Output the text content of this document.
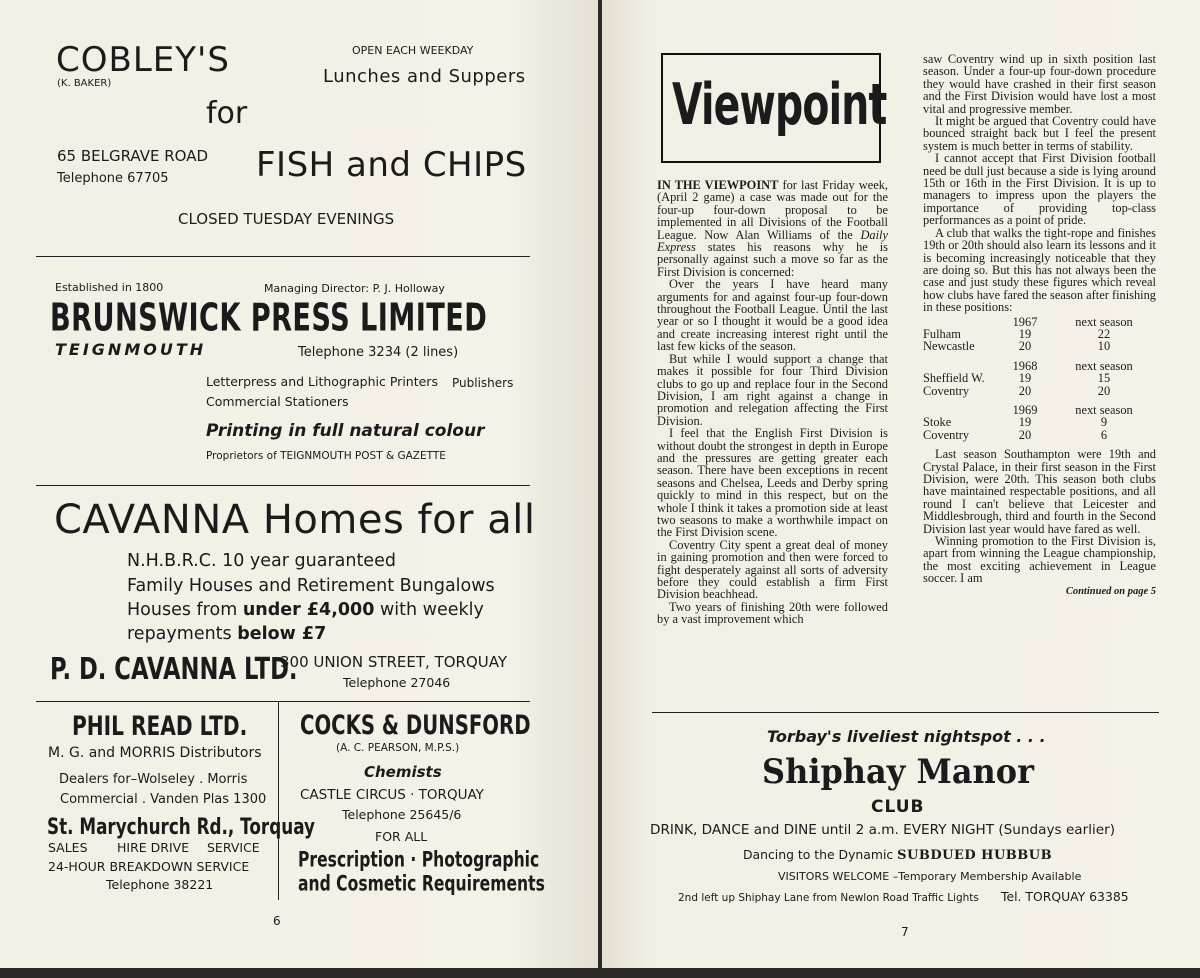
COBLEY'S
(K. BAKER)
OPEN EACH WEEKDAY
Lunches and Suppers
for
65 BELGRAVE ROAD
Telephone 67705	FISH and CHIPS
CLOSED TUESDAY EVENINGS
Established in 1800	Managing Director: P. J. Holloway
BRUNSWICK PRESS LIMITED
TEIGNMOUTH	Telephone 3234 (2 lines)
Letterpress and Lithographic Printers Publishers
Commercial Stationers
Printing in full natural colour
Proprietors of TEIGNMOUTH POST & GAZETTE
CAVANNA Homes for all
N.H.B.R.C. 10 year guaranteed
Family Houses and Retirement Bungalows
Houses from under £4,000 with weekly
repayments below £7
P. D. CAVANNA LTD.
300 UNION STREET, TORQUAY
Telephone 27046
PHIL READ LTD.
M. G. and MORRIS Distributors
Dealers for–Wolseley . Morris
Commercial . Vanden Plas 1300
St. Marychurch Rd., Torquay
SALES HIRE DRIVE SERVICE
24-HOUR BREAKDOWN SERVICE
Telephone 38221
COCKS & DUNSFORD
(A. C. PEARSON, M.P.S.)
Chemists
CASTLE CIRCUS · TORQUAY
Telephone 25645/6
FOR ALL
Prescription · Photographic
and Cosmetic Requirements
6
Viewpoint

IN THE VIEWPOINT for last Friday week, (April 2 game) a case was made out for the four-up four-down proposal to be implemented in all Divisions of the Football League. Now Alan Williams of the Daily Express states his reasons why he is personally against such a move so far as the First Division is concerned:

Over the years I have heard many arguments for and against four-up four-down throughout the Football League. Until the last year or so I thought it would be a good idea and create increasing interest right until the last few kicks of the season.

But while I would support a change that makes it possible for four Third Division clubs to go up and replace four in the Second Division, I am right against a change in promotion and relegation affecting the First Division.

I feel that the English First Division is without doubt the strongest in depth in Europe and the pressures are getting greater each season. There have been exceptions in recent seasons and Chelsea, Leeds and Derby spring quickly to mind in this respect, but on the whole I think it takes a promotion side at least two seasons to make a worthwhile impact on the First Division scene.

Coventry City spent a great deal of money in gaining promotion and then were forced to fight desperately against all sorts of adversity before they could establish a firm First Division beachhead.

Two years of finishing 20th were followed by a vast improvement which

saw Coventry wind up in sixth position last season. Under a four-up four-down procedure they would have crashed in their first season and the First Division would have lost a most vital and progressive member.

It might be argued that Coventry could have bounced straight back but I feel the present system is much better in terms of stability.

I cannot accept that First Division football need be dull just because a side is lying around 15th or 16th in the First Division. It is up to managers to impress upon the players the importance of providing top-class performances as a point of pride.

A club that walks the tight-rope and finishes 19th or 20th should also learn its lessons and it is becoming increasingly noticeable that they are doing so. But this has not always been the case and just study these figures which reveal how clubs have fared the season after finishing in these positions:

	1967	next season
Fulham	19	22
Newcastle	20	10

	1968	next season
Sheffield W.	19	15
Coventry	20	20

	1969	next season
Stoke	19	9
Coventry	20	6

Last season Southampton were 19th and Crystal Palace, in their first season in the First Division, were 20th. This season both clubs have maintained respectable positions, and all round I can't believe that Leicester and Middlesbrough, third and fourth in the Second Division last year would have fared as well.

Winning promotion to the First Division is, apart from winning the League championship, the most exciting achievement in League soccer. I am

Continued on page 5
Torbay's liveliest nightspot . . .
Shiphay Manor
CLUB
DRINK, DANCE and DINE until 2 a.m. EVERY NIGHT (Sundays earlier)
Dancing to the Dynamic SUBDUED HUBBUB
VISITORS WELCOME –Temporary Membership Available
2nd left up Shiphay Lane from Newlon Road Traffic Lights Tel. TORQUAY 63385
7
